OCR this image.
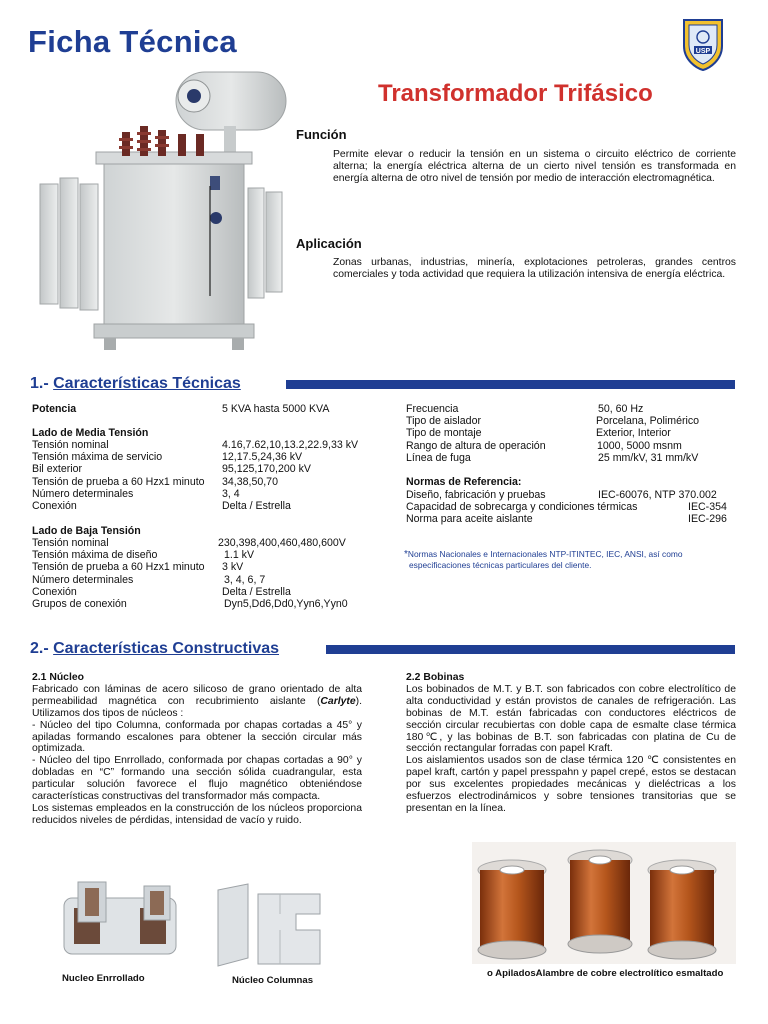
Ficha Técnica
Transformador Trifásico
USP
Función
Permite elevar o reducir la tensión en un sistema o circuito eléctrico de corriente alterna; la energía eléctrica alterna de un cierto nivel tensión es transformada en energía alterna de otro nivel de tensión por medio de interacción electromagnética.
Aplicación
Zonas urbanas, industrias, minería, explotaciones petroleras, grandes centros comerciales y toda actividad que requiera la utilización intensiva de energía eléctrica.
1.- Características Técnicas
Potencia	5 KVA hasta 5000 KVA
Lado de Media Tensión
Tensión nominal	4.16,7.62,10,13.2,22.9,33 kV
Tensión máxima de servicio	12,17.5,24,36 kV
Bil exterior	95,125,170,200 kV
Tensión de prueba a 60 Hzx1 minuto 34,38,50,70
Número determinales	3, 4
Conexión	Delta / Estrella
Lado de Baja Tensión
Tensión nominal	230,398,400,460,480,600V
Tensión máxima de diseño	1.1 kV
Tensión de prueba a 60 Hzx1 minuto 3 kV
Número determinales	3, 4, 6, 7
Conexión	Delta / Estrella
Grupos de conexión	Dyn5,Dd6,Dd0,Yyn6,Yyn0
Frecuencia	50, 60 Hz
Tipo de aislador	Porcelana, Polimérico
Tipo de montaje	Exterior, Interior
Rango de altura de operación	1000, 5000 msnm
Línea de fuga	25 mm/kV, 31 mm/kV
Normas de Referencia:
Diseño, fabricación y pruebas	IEC-60076, NTP 370.002
Capacidad de sobrecarga y condiciones térmicas	IEC-354
Norma para aceite aislante	IEC-296
*Normas Nacionales e Internacionales NTP-ITINTEC, IEC, ANSI, así como
especificaciones técnicas particulares del cliente.
2.- Características Constructivas
2.1 Núcleo
Fabricado con láminas de acero silicoso de grano orientado de alta permeabilidad magnética con recubrimiento aislante (Carlyte). Utilizamos dos tipos de núcleos :
- Núcleo del tipo Columna, conformada por chapas cortadas a 45° y apiladas formando escalones para obtener la sección circular más optimizada.
- Núcleo del tipo Enrrollado, conformada por chapas cortadas a 90° y dobladas en “C” formando una sección sólida cuadrangular, esta particular solución favorece el flujo magnético obteniéndose características constructivas del transformador más compacta.
Los sistemas empleados en la construcción de los núcleos proporciona reducidos niveles de pérdidas, intensidad de vacío y ruido.
2.2 Bobinas
Los bobinados de M.T. y B.T. son fabricados con cobre electrolítico de alta conductividad y están provistos de canales de refrigeración. Las bobinas de M.T. están fabricadas con conductores eléctricos de sección circular recubiertas con doble capa de esmalte clase térmica 180℃, y las bobinas de B.T. son fabricadas con platina de Cu de sección rectangular forradas con papel Kraft.
Los aislamientos usados son de clase térmica 120 ℃ consistentes en papel kraft, cartón y papel presspahn y papel crepé, estos se destacan por sus excelentes propiedades mecánicas y dieléctricas a los esfuerzos electrodinámicos y sobre tensiones transitorias que se presentan en la línea.
Nucleo Enrrollado	Núcleo Columnas
o ApiladosAlambre de cobre electrolítico esmaltado
